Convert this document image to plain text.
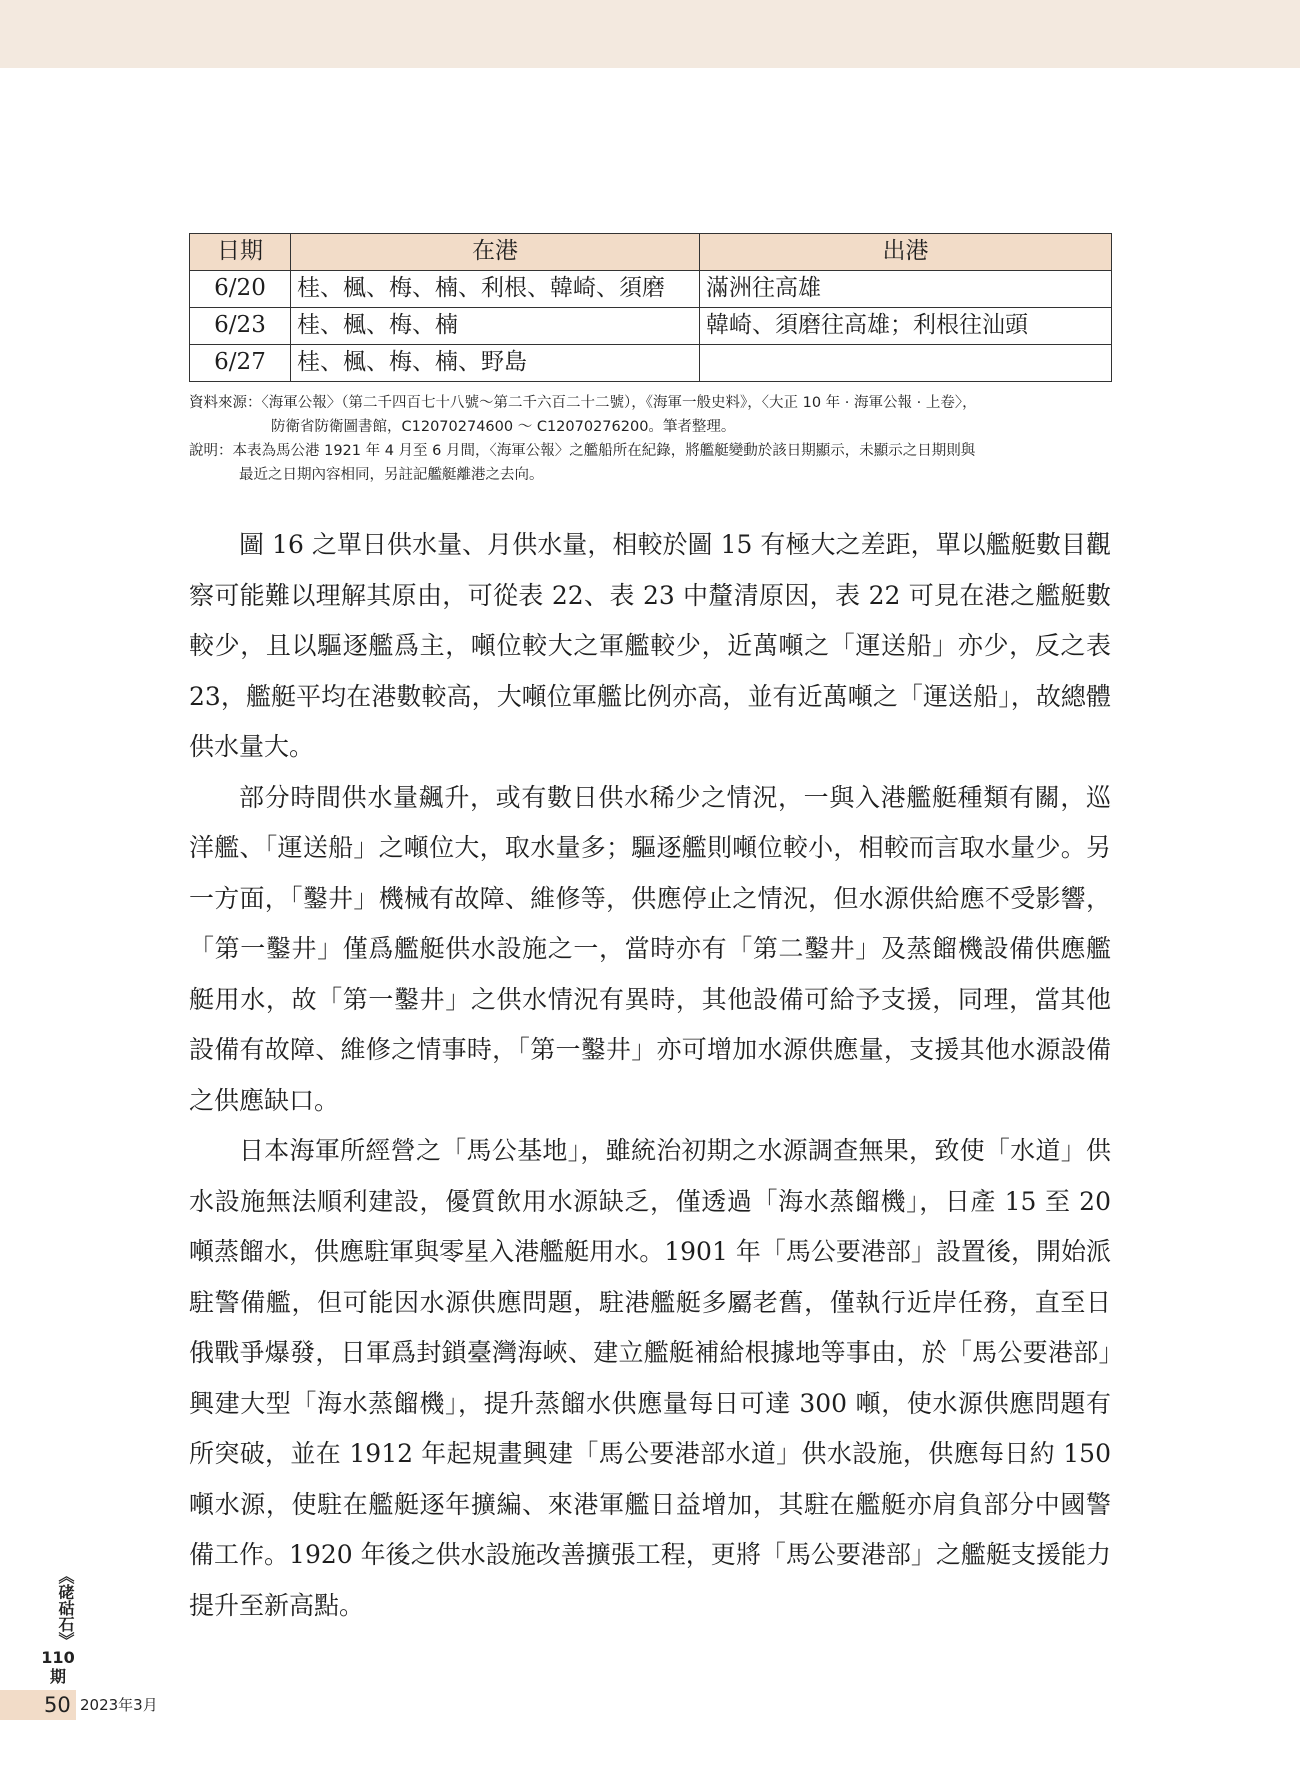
日期	在港	出港
6/20	桂、楓、梅、楠、利根、韓崎、須磨	滿洲往高雄
6/23	桂、楓、梅、楠	韓崎、須磨往高雄；利根往汕頭
6/27	桂、楓、梅、楠、野島	
資料來源：〈海軍公報〉（第二千四百七十八號～第二千六百二十二號），《海軍一般史料》，〈大正 10 年 · 海軍公報 · 上卷〉，
防衛省防衛圖書館，C12070274600 ～ C12070276200。筆者整理。
說明：本表為馬公港 1921 年 4 月至 6 月間，〈海軍公報〉之艦船所在紀錄，將艦艇變動於該日期顯示，未顯示之日期則與
最近之日期內容相同，另註記艦艇離港之去向。

圖 16 之單日供水量、月供水量，相較於圖 15 有極大之差距，單以艦艇數目觀察可能難以理解其原由，可從表 22、表 23 中釐清原因，表 22 可見在港之艦艇數較少，且以驅逐艦爲主，噸位較大之軍艦較少，近萬噸之「運送船」亦少，反之表 23，艦艇平均在港數較高，大噸位軍艦比例亦高，並有近萬噸之「運送船」，故總體供水量大。

部分時間供水量飆升，或有數日供水稀少之情況，一與入港艦艇種類有關，巡洋艦、「運送船」之噸位大，取水量多；驅逐艦則噸位較小，相較而言取水量少。另一方面，「鑿井」機械有故障、維修等，供應停止之情況，但水源供給應不受影響，「第一鑿井」僅爲艦艇供水設施之一，當時亦有「第二鑿井」及蒸餾機設備供應艦艇用水，故「第一鑿井」之供水情況有異時，其他設備可給予支援，同理，當其他設備有故障、維修之情事時，「第一鑿井」亦可增加水源供應量，支援其他水源設備之供應缺口。

日本海軍所經營之「馬公基地」，雖統治初期之水源調查無果，致使「水道」供水設施無法順利建設，優質飲用水源缺乏，僅透過「海水蒸餾機」，日產 15 至 20 噸蒸餾水，供應駐軍與零星入港艦艇用水。1901 年「馬公要港部」設置後，開始派駐警備艦，但可能因水源供應問題，駐港艦艇多屬老舊，僅執行近岸任務，直至日俄戰爭爆發，日軍爲封鎖臺灣海峽、建立艦艇補給根據地等事由，於「馬公要港部」興建大型「海水蒸餾機」，提升蒸餾水供應量每日可達 300 噸，使水源供應問題有所突破，並在 1912 年起規畫興建「馬公要港部水道」供水設施，供應每日約 150 噸水源，使駐在艦艇逐年擴編、來港軍艦日益增加，其駐在艦艇亦肩負部分中國警備工作。1920 年後之供水設施改善擴張工程，更將「馬公要港部」之艦艇支援能力提升至新高點。

《硓𥑮石》
110
期
50 2023年3月
